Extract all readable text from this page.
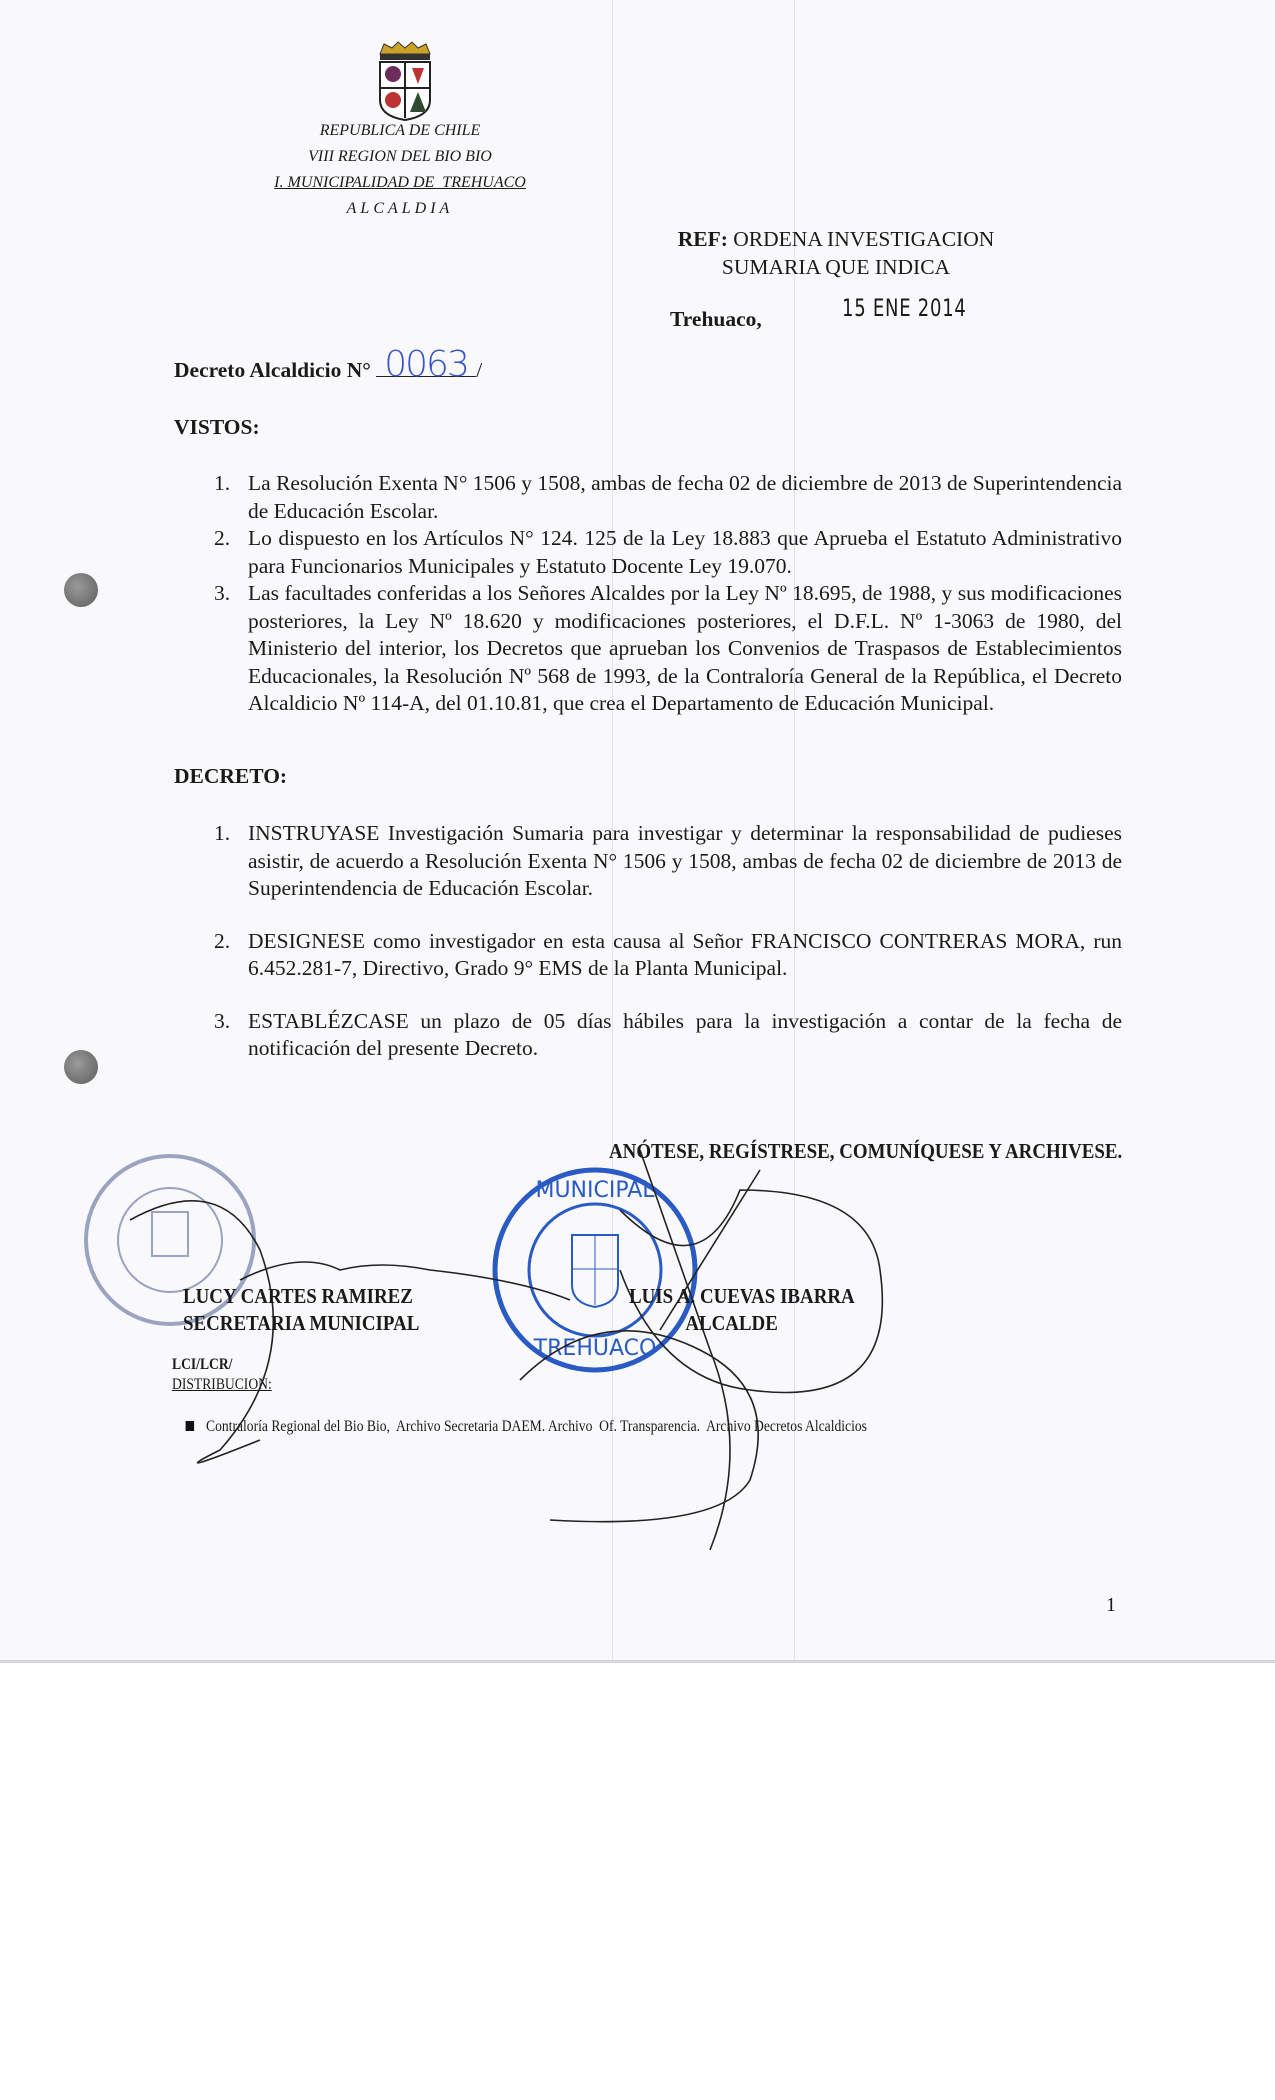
REPUBLICA DE CHILE
VIII REGION DEL BIO BIO
I. MUNICIPALIDAD DE  TREHUACO
ALCALDIA
REF: ORDENA INVESTIGACION
SUMARIA QUE INDICA
Trehuaco,	15 ENE 2014
Decreto Alcaldicio N° 0063 /
VISTOS:
1. La Resolución Exenta N° 1506 y 1508, ambas de fecha 02 de diciembre de 2013 de Superintendencia de Educación Escolar.
2. Lo dispuesto en los Artículos N° 124. 125 de la Ley 18.883 que Aprueba el Estatuto Administrativo para Funcionarios Municipales y Estatuto Docente Ley 19.070.
3. Las facultades conferidas a los Señores Alcaldes por la Ley Nº 18.695, de 1988, y sus modificaciones posteriores, la Ley Nº 18.620 y modificaciones posteriores, el D.F.L. Nº 1-3063 de 1980, del Ministerio del interior, los Decretos que aprueban los Convenios de Traspasos de Establecimientos Educacionales, la Resolución Nº 568 de 1993, de la Contraloría General de la República, el Decreto Alcaldicio Nº 114-A, del 01.10.81, que crea el Departamento de Educación Municipal.
DECRETO:
1. INSTRUYASE Investigación Sumaria para investigar y determinar la responsabilidad de pudieses asistir, de acuerdo a Resolución Exenta N° 1506 y 1508, ambas de fecha 02 de diciembre de 2013 de Superintendencia de Educación Escolar.
2. DESIGNESE como investigador en esta causa al Señor FRANCISCO CONTRERAS MORA, run 6.452.281-7, Directivo, Grado 9° EMS de la Planta Municipal.
3. ESTABLÉZCASE un plazo de 05 días hábiles para la investigación a contar de la fecha de notificación del presente Decreto.
ANÓTESE, REGÍSTRESE, COMUNÍQUESE Y ARCHIVESE.
MUNICIPAL
TREHUACO
LUCY CARTES RAMIREZ
SECRETARIA MUNICIPAL
LUIS A. CUEVAS IBARRA
ALCALDE
LCI/LCR/
DISTRIBUCION:

Contraloría Regional del Bio Bio,  Archivo Secretaria DAEM. Archivo  Of. Transparencia.  Archivo Decretos Alcaldicios

1
